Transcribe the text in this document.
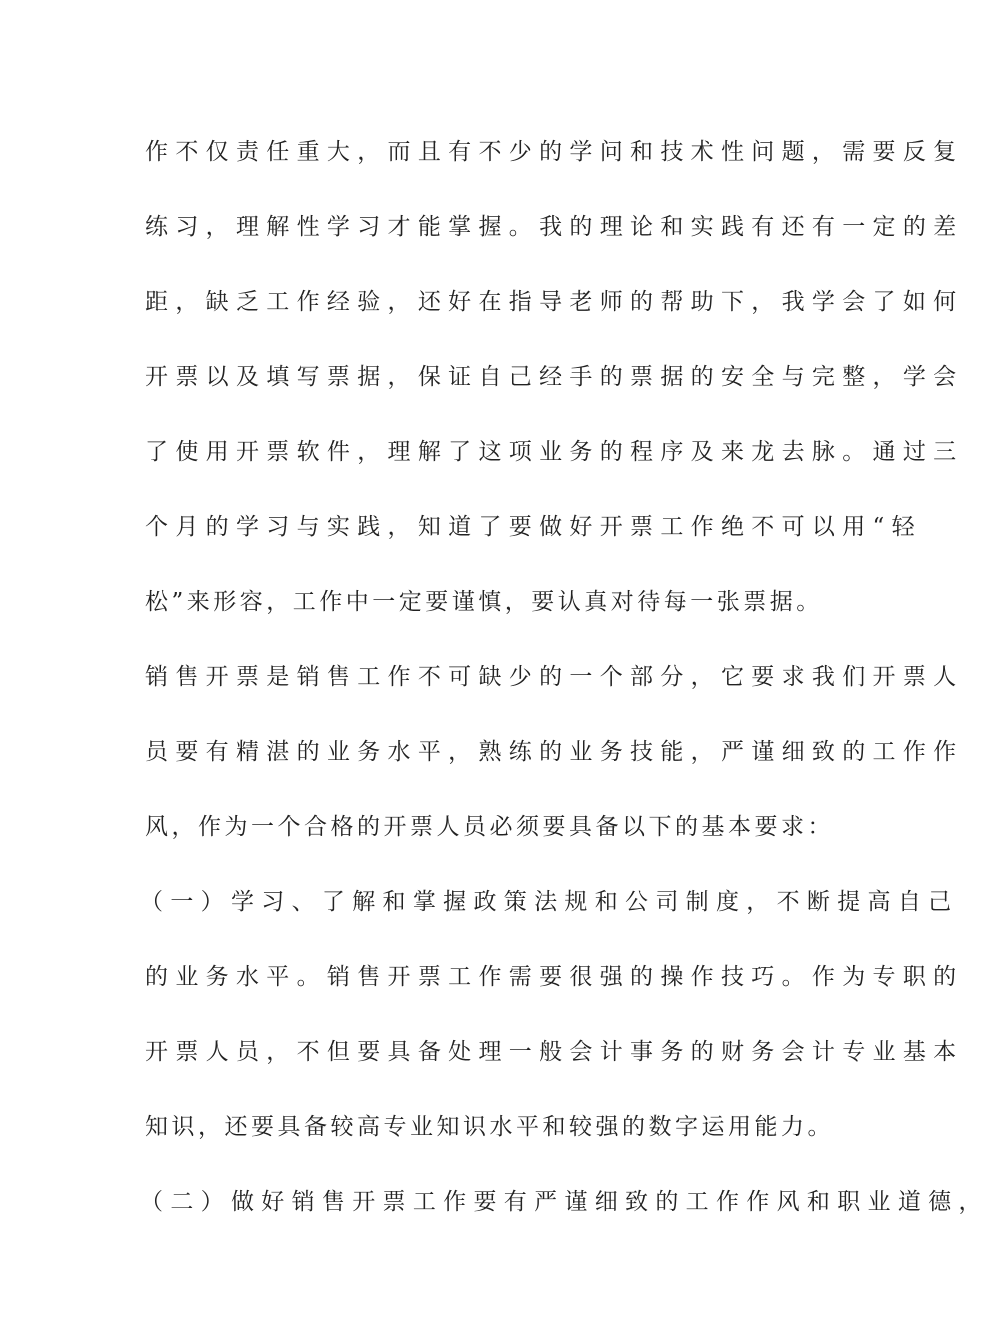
作 不 仅 责 任 重 大 ， 而 且 有 不 少 的 学 问 和 技 术 性 问 题 ， 需 要 反 复
练 习 ， 理 解 性 学 习 才 能 掌 握 。 我 的 理 论 和 实 践 有 还 有 一 定 的 差
距 ， 缺 乏 工 作 经 验 ， 还 好 在 指 导 老 师 的 帮 助 下 ， 我 学 会 了 如 何
开 票 以 及 填 写 票 据 ， 保 证 自 己 经 手 的 票 据 的 安 全 与 完 整 ， 学 会
了 使 用 开 票 软 件 ， 理 解 了 这 项 业 务 的 程 序 及 来 龙 去 脉 。 通 过 三
个 月 的 学 习 与 实 践 ， 知 道 了 要 做 好 开 票 工 作 绝 不 可 以 用 “ 轻
松”来形容，工作中一定要谨慎，要认真对待每一张票据。
销 售 开 票 是 销 售 工 作 不 可 缺 少 的 一 个 部 分 ， 它 要 求 我 们 开 票 人
员 要 有 精 湛 的 业 务 水 平 ， 熟 练 的 业 务 技 能 ， 严 谨 细 致 的 工 作 作
风，作为一个合格的开票人员必须要具备以下的基本要求：
（ 一 ） 学 习 、 了 解 和 掌 握 政 策 法 规 和 公 司 制 度 ， 不 断 提 高 自 己
的 业 务 水 平 。 销 售 开 票 工 作 需 要 很 强 的 操 作 技 巧 。 作 为 专 职 的
开 票 人 员 ， 不 但 要 具 备 处 理 一 般 会 计 事 务 的 财 务 会 计 专 业 基 本
知识，还要具备较高专业知识水平和较强的数字运用能力。
（ 二 ） 做 好 销 售 开 票 工 作 要 有 严 谨 细 致 的 工 作 作 风 和 职 业 道 德 ，
